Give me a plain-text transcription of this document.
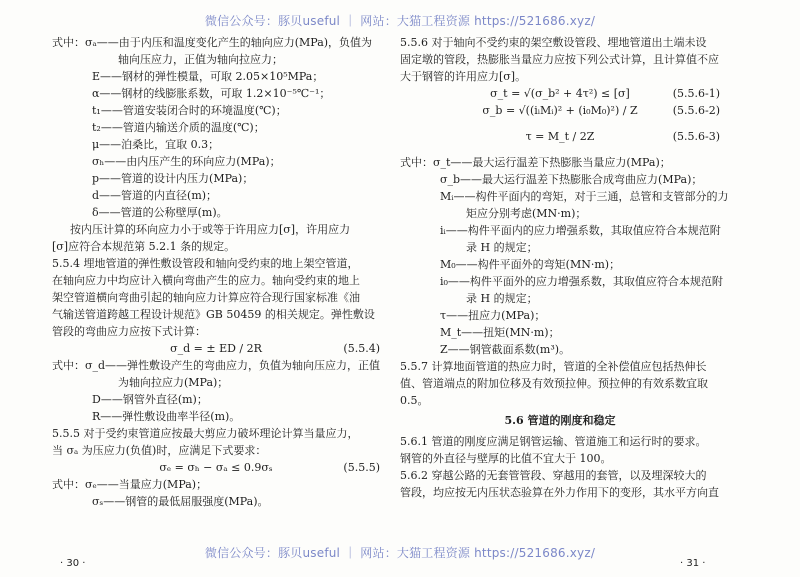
微信公众号：豚贝useful ｜ 网站：大猫工程资源 https://521686.xyz/
式中：σₐ——由于内压和温度变化产生的轴向应力(MPa)，负值为
轴向压应力，正值为轴向拉应力；
E——钢材的弹性模量，可取 2.05×10⁵MPa；
α——钢材的线膨胀系数，可取 1.2×10⁻⁵℃⁻¹；
t₁——管道安装闭合时的环境温度(℃)；
t₂——管道内输送介质的温度(℃)；
μ——泊桑比，宜取 0.3；
σₕ——由内压产生的环向应力(MPa)；
p——管道的设计内压力(MPa)；
d——管道的内直径(m)；
δ——管道的公称壁厚(m)。
按内压计算的环向应力小于或等于许用应力[σ]，许用应力
[σ]应符合本规范第 5.2.1 条的规定。
5.5.4 埋地管道的弹性敷设管段和轴向受约束的地上架空管道，
在轴向应力中均应计入横向弯曲产生的应力。轴向受约束的地上
架空管道横向弯曲引起的轴向应力计算应符合现行国家标准《油
气输送管道跨越工程设计规范》GB 50459 的相关规定。弹性敷设
管段的弯曲应力应按下式计算：
σ_d = ± ED / 2R	(5.5.4)
式中：σ_d——弹性敷设产生的弯曲应力，负值为轴向压应力，正值
为轴向拉应力(MPa)；
D——钢管外直径(m)；
R——弹性敷设曲率半径(m)。
5.5.5 对于受约束管道应按最大剪应力破坏理论计算当量应力，
当 σₐ 为压应力(负值)时，应满足下式要求：
σₑ = σₕ − σₐ ≤ 0.9σₛ	(5.5.5)
式中：σₑ——当量应力(MPa)；
σₛ——钢管的最低屈服强度(MPa)。
5.5.6 对于轴向不受约束的架空敷设管段、埋地管道出土端未设
固定墩的管段，热膨胀当量应力应按下列公式计算，且计算值不应
大于钢管的许用应力[σ]。
σ_t = √(σ_b² + 4τ²) ≤ [σ]	(5.5.6-1)
σ_b = √((iᵢMᵢ)² + (i₀M₀)²) / Z	(5.5.6-2)
τ = M_t / 2Z	(5.5.6-3)
式中：σ_t——最大运行温差下热膨胀当量应力(MPa)；
σ_b——最大运行温差下热膨胀合成弯曲应力(MPa)；
Mᵢ——构件平面内的弯矩，对于三通，总管和支管部分的力
矩应分别考虑(MN·m)；
iᵢ——构件平面内的应力增强系数，其取值应符合本规范附
录 H 的规定；
M₀——构件平面外的弯矩(MN·m)；
i₀——构件平面外的应力增强系数，其取值应符合本规范附
录 H 的规定；
τ——扭应力(MPa)；
M_t——扭矩(MN·m)；
Z——钢管截面系数(m³)。
5.5.7 计算地面管道的热应力时，管道的全补偿值应包括热伸长
值、管道端点的附加位移及有效预拉伸。预拉伸的有效系数宜取
0.5。
5.6 管道的刚度和稳定
5.6.1 管道的刚度应满足钢管运输、管道施工和运行时的要求。
钢管的外直径与壁厚的比值不宜大于 100。
5.6.2 穿越公路的无套管管段、穿越用的套管，以及埋深较大的
管段，均应按无内压状态验算在外力作用下的变形，其水平方向直
微信公众号：豚贝useful ｜ 网站：大猫工程资源 https://521686.xyz/
· 30 ·	· 31 ·
